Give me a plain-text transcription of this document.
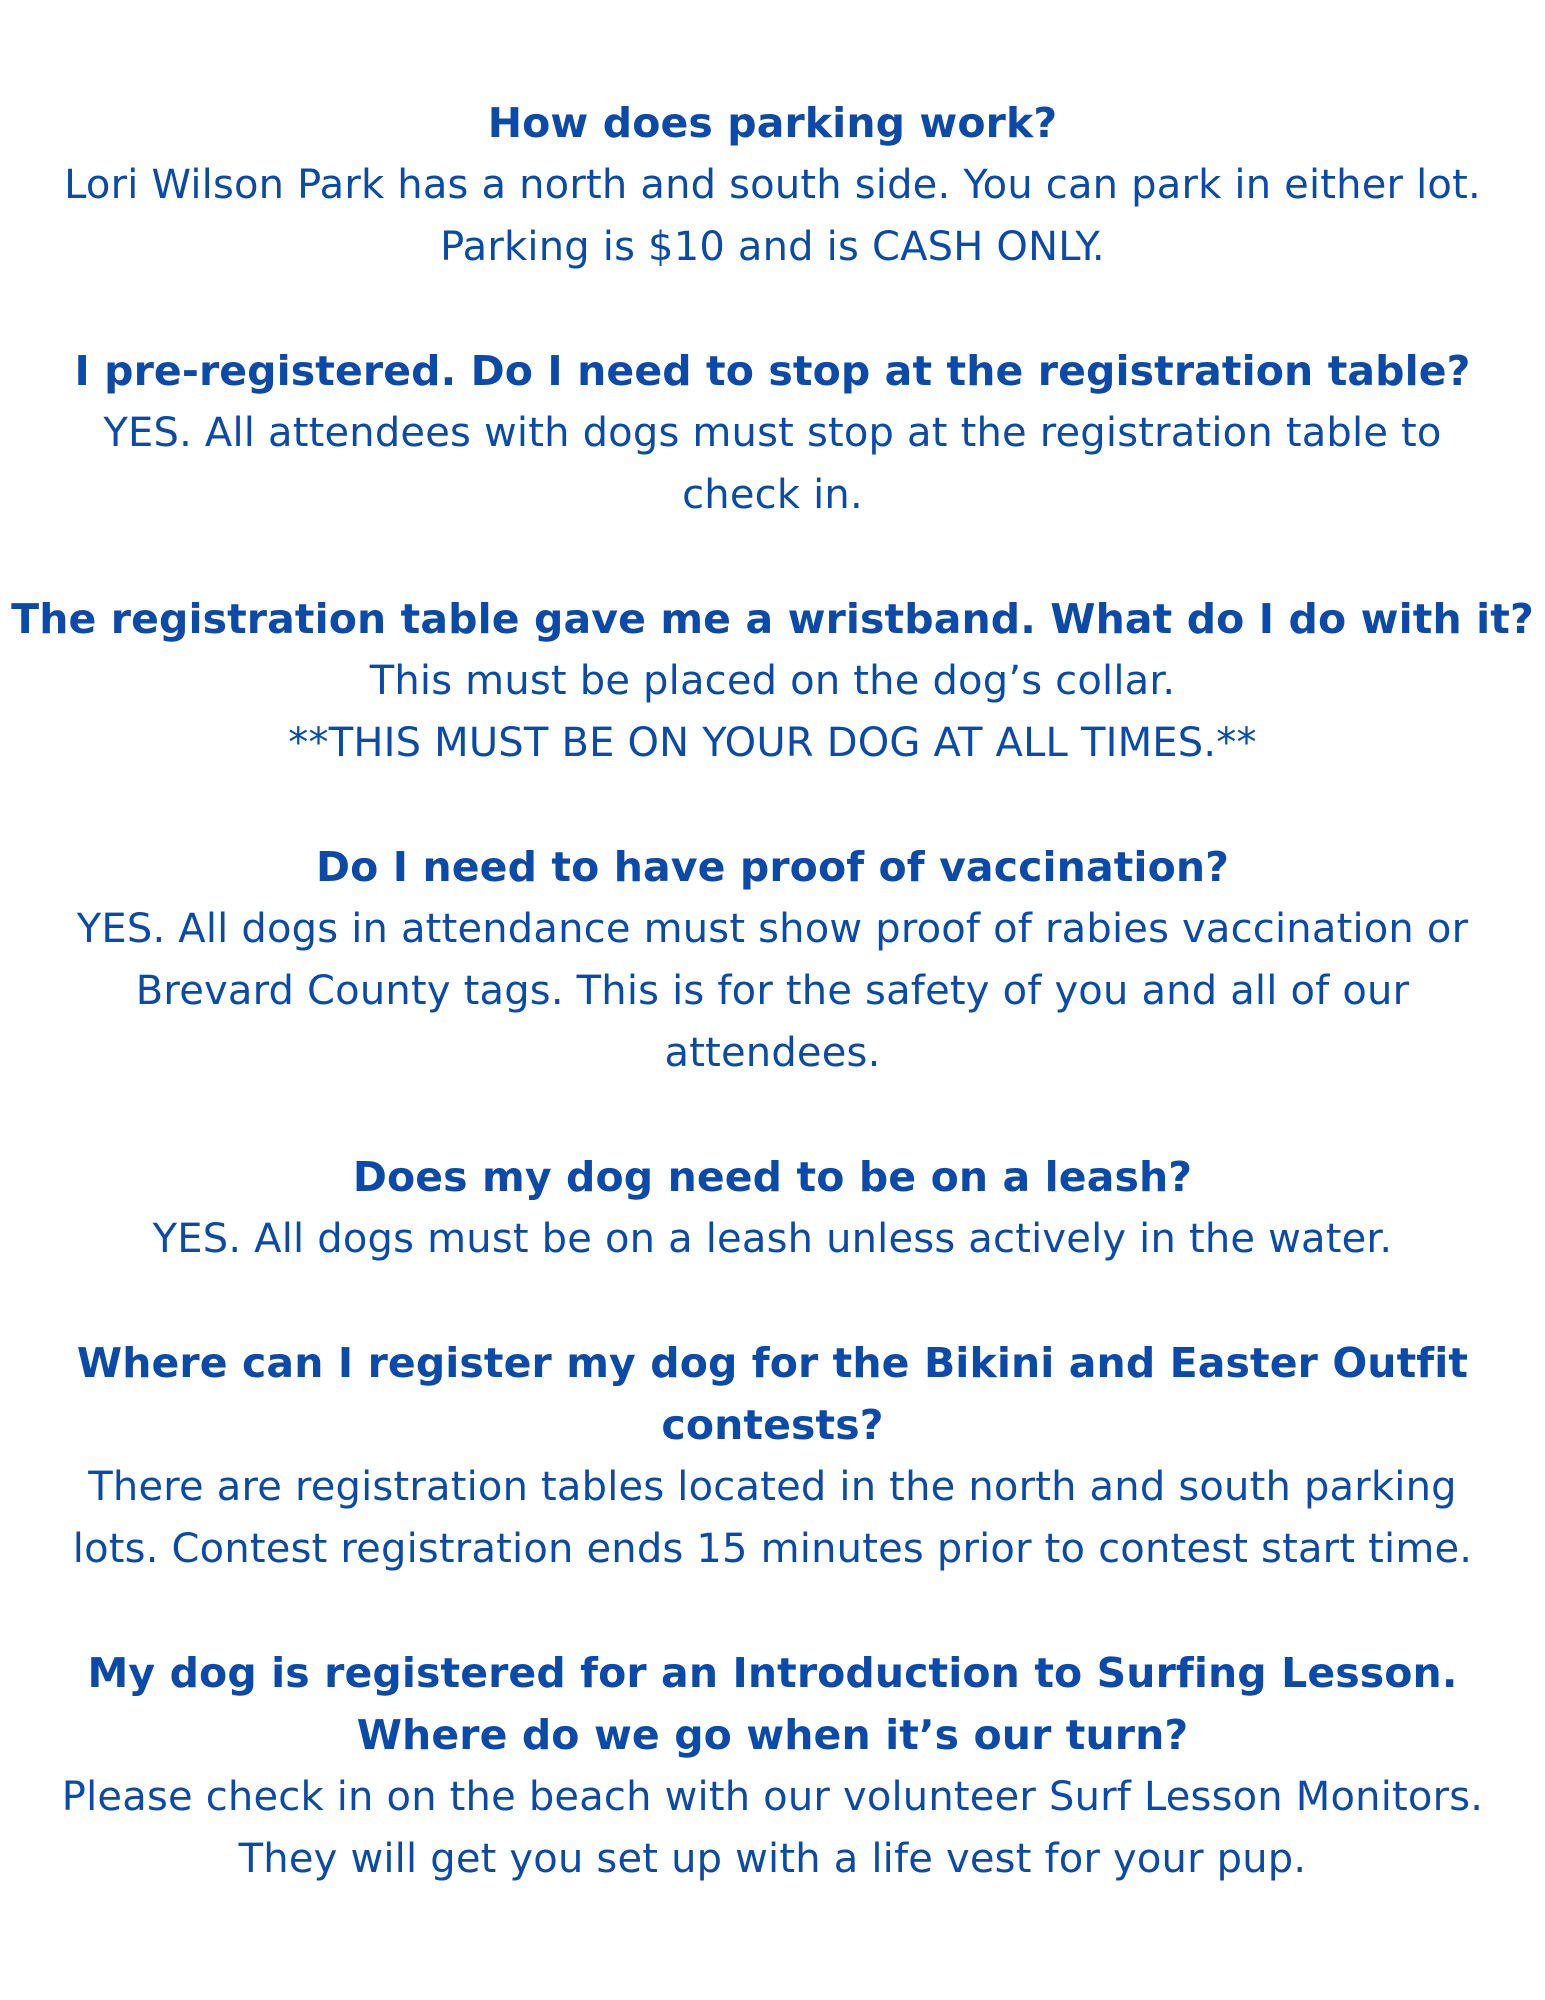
How does parking work?
Lori Wilson Park has a north and south side. You can park in either lot.
Parking is $10 and is CASH ONLY.
I pre-registered. Do I need to stop at the registration table?
YES. All attendees with dogs must stop at the registration table to
check in.
The registration table gave me a wristband. What do I do with it?
This must be placed on the dog’s collar.
**THIS MUST BE ON YOUR DOG AT ALL TIMES.**
Do I need to have proof of vaccination?
YES. All dogs in attendance must show proof of rabies vaccination or
Brevard County tags. This is for the safety of you and all of our
attendees.
Does my dog need to be on a leash?
YES. All dogs must be on a leash unless actively in the water.
Where can I register my dog for the Bikini and Easter Outfit
contests?
There are registration tables located in the north and south parking
lots. Contest registration ends 15 minutes prior to contest start time.
My dog is registered for an Introduction to Surfing Lesson.
Where do we go when it’s our turn?
Please check in on the beach with our volunteer Surf Lesson Monitors.
They will get you set up with a life vest for your pup.
